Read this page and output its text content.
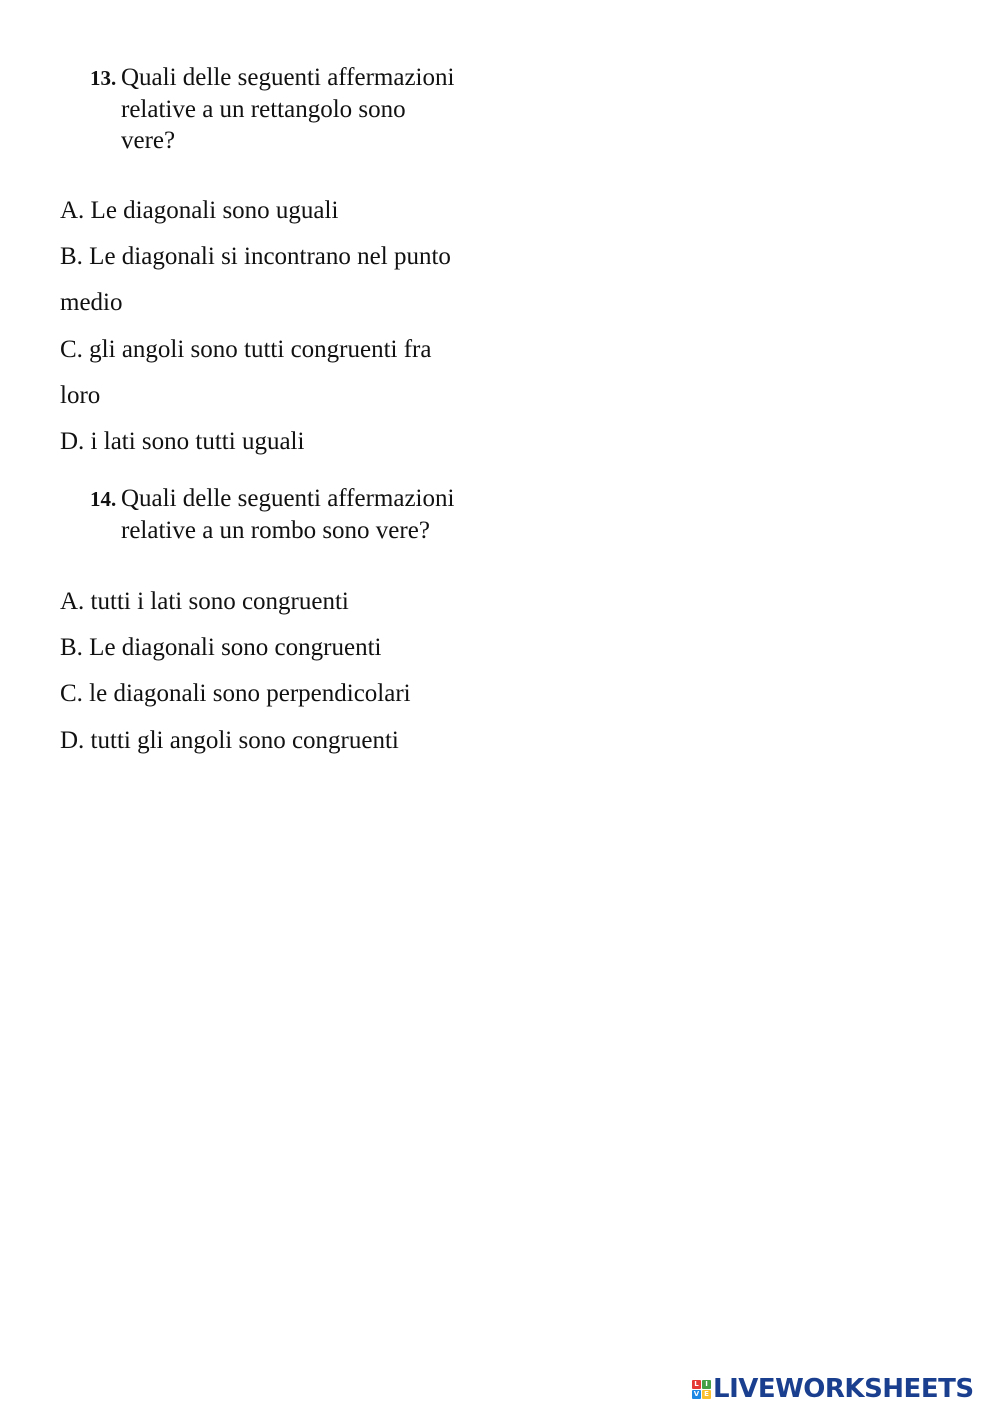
13. Quali delle seguenti affermazioni
relative a un rettangolo sono
vere?
A. Le diagonali sono uguali
B. Le diagonali si incontrano nel punto
medio
C. gli angoli sono tutti congruenti fra
loro
D. i lati sono tutti uguali
14. Quali delle seguenti affermazioni
relative a un rombo sono vere?
A. tutti i lati sono congruenti
B. Le diagonali sono congruenti
C. le diagonali sono perpendicolari
D. tutti gli angoli sono congruenti
L I
V E LIVEWORKSHEETS
